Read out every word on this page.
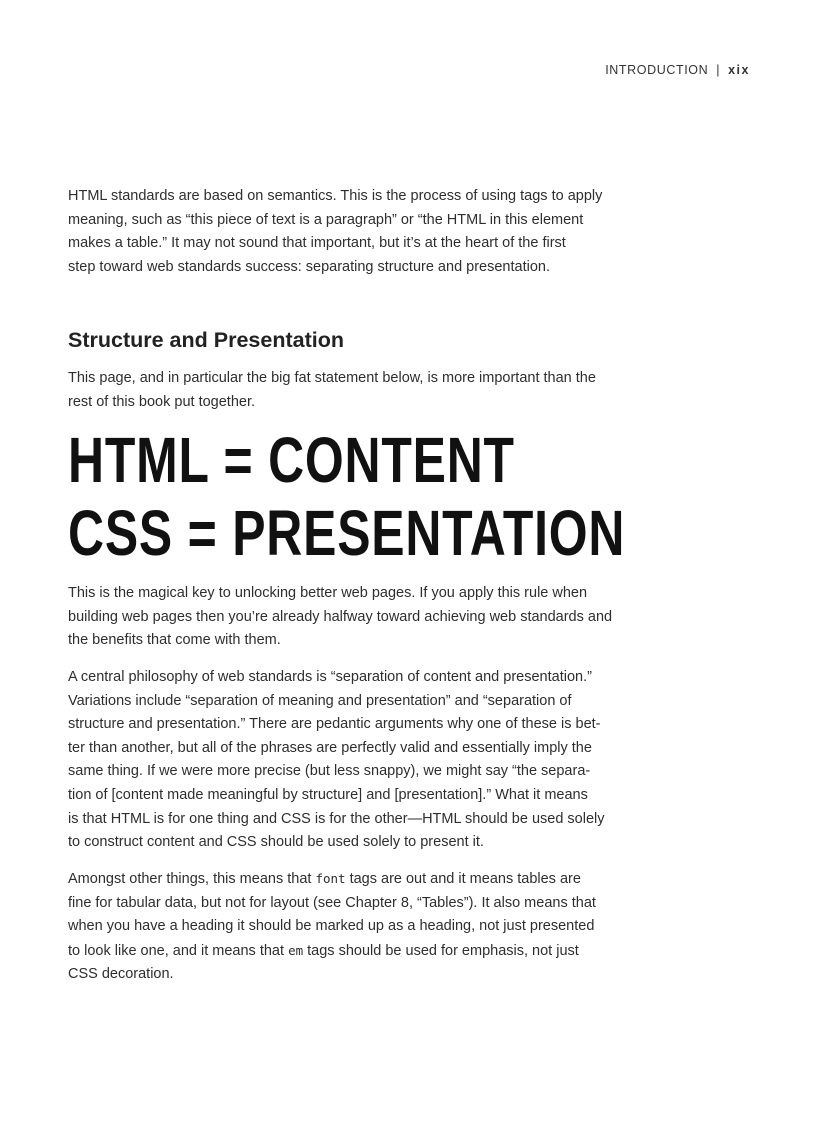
INTRODUCTION | xix
HTML standards are based on semantics. This is the process of using tags to apply
meaning, such as “this piece of text is a paragraph” or “the HTML in this element
makes a table.” It may not sound that important, but it’s at the heart of the first
step toward web standards success: separating structure and presentation.
Structure and Presentation
This page, and in particular the big fat statement below, is more important than the
rest of this book put together.
HTML = CONTENT
CSS = PRESENTATION
This is the magical key to unlocking better web pages. If you apply this rule when
building web pages then you’re already halfway toward achieving web standards and
the benefits that come with them.
A central philosophy of web standards is “separation of content and presentation.”
Variations include “separation of meaning and presentation” and “separation of
structure and presentation.” There are pedantic arguments why one of these is bet-
ter than another, but all of the phrases are perfectly valid and essentially imply the
same thing. If we were more precise (but less snappy), we might say “the separa-
tion of [content made meaningful by structure] and [presentation].” What it means
is that HTML is for one thing and CSS is for the other—HTML should be used solely
to construct content and CSS should be used solely to present it.
Amongst other things, this means that font tags are out and it means tables are
fine for tabular data, but not for layout (see Chapter 8, “Tables”). It also means that
when you have a heading it should be marked up as a heading, not just presented
to look like one, and it means that em tags should be used for emphasis, not just
CSS decoration.
